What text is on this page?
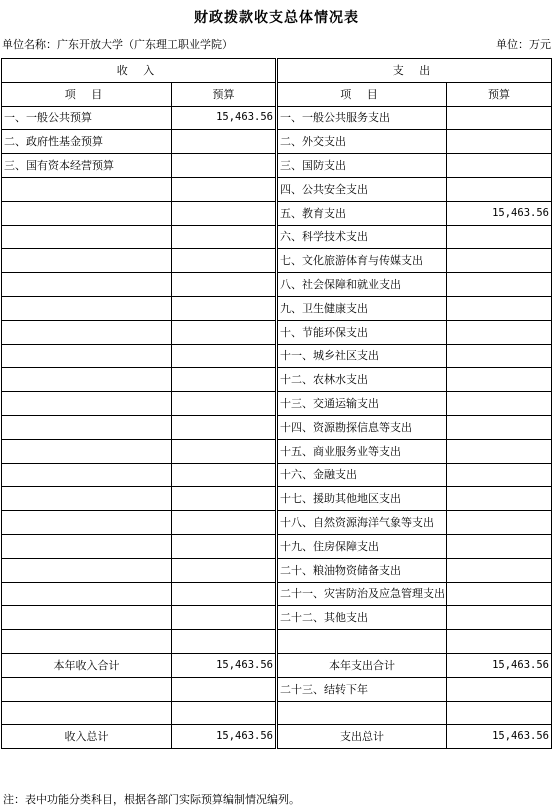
财政拨款收支总体情况表
单位名称：广东开放大学（广东理工职业学院）	单位：万元
收 入		支 出	
项 目	预算	项 目	预算
一、一般公共预算	15,463.56	一、一般公共服务支出	
二、政府性基金预算		二、外交支出	
三、国有资本经营预算		三、国防支出	
		四、公共安全支出	
		五、教育支出	15,463.56
		六、科学技术支出	
		七、文化旅游体育与传媒支出	
		八、社会保障和就业支出	
		九、卫生健康支出	
		十、节能环保支出	
		十一、城乡社区支出	
		十二、农林水支出	
		十三、交通运输支出	
		十四、资源勘探信息等支出	
		十五、商业服务业等支出	
		十六、金融支出	
		十七、援助其他地区支出	
		十八、自然资源海洋气象等支出	
		十九、住房保障支出	
		二十、粮油物资储备支出	
		二十一、灾害防治及应急管理支出	
		二十二、其他支出	

本年收入合计	15,463.56	本年支出合计	15,463.56
		二十三、结转下年	

收入总计	15,463.56	支出总计	15,463.56
注：表中功能分类科目，根据各部门实际预算编制情况编列。
